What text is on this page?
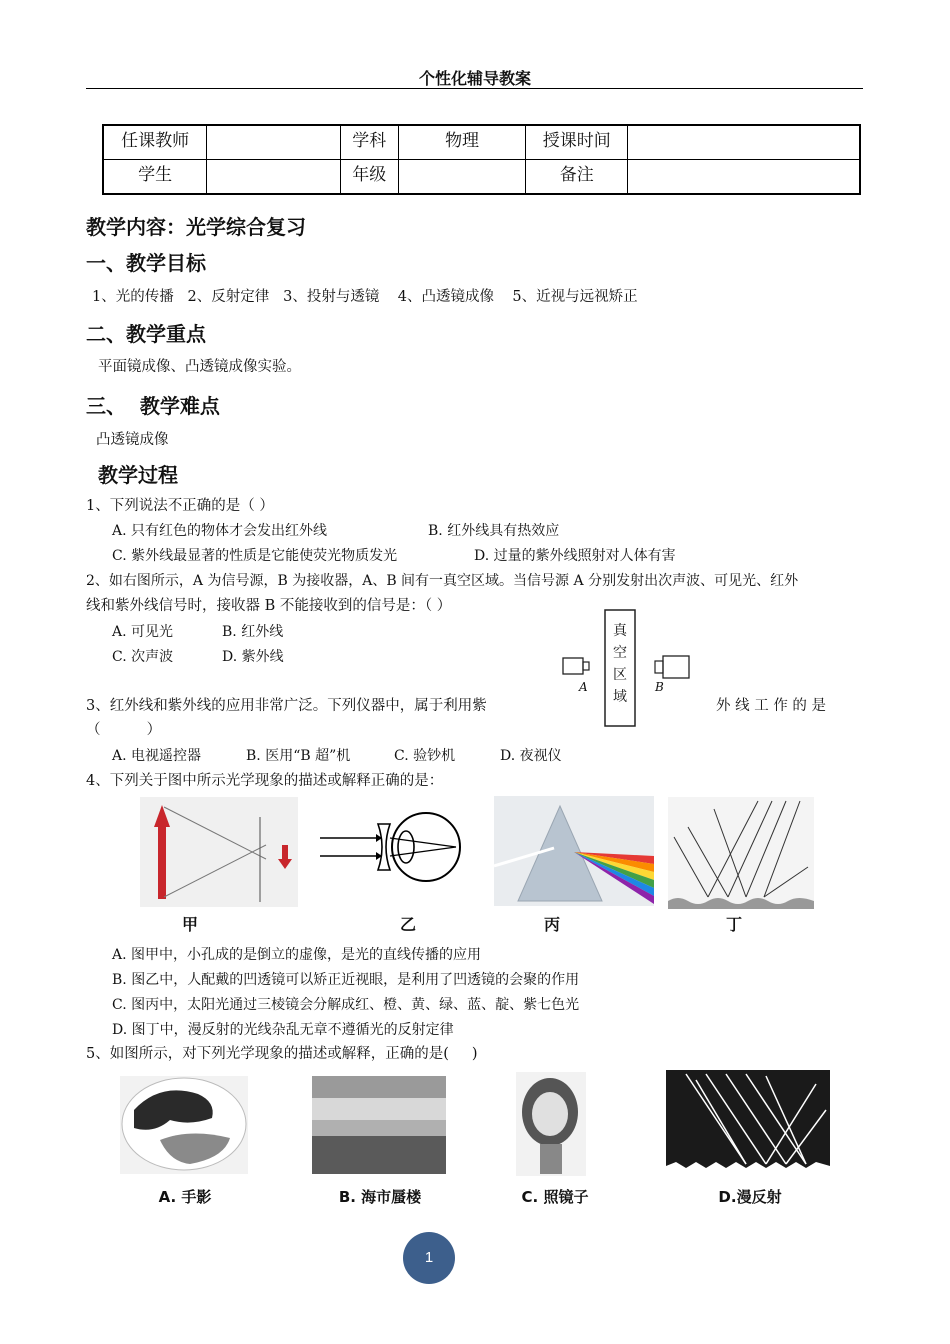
个性化辅导教案
任课教师		学科	物理	授课时间	
学生		年级		备注	
教学内容：光学综合复习
一、教学目标
1、光的传播   2、反射定律   3、投射与透镜    4、凸透镜成像    5、近视与远视矫正
二、教学重点
平面镜成像、凸透镜成像实验。
三、  教学难点
凸透镜成像
教学过程
1、下列说法不正确的是（ ）
A. 只有红色的物体才会发出红外线	B. 红外线具有热效应
C. 紫外线最显著的性质是它能使荧光物质发光	D. 过量的紫外线照射对人体有害
2、如右图所示，A 为信号源，B 为接收器，A、B 间有一真空区域。当信号源 A 分别发射出次声波、可见光、红外
线和紫外线信号时，接收器 B 不能接收到的信号是：（ ）
A. 可见光	B. 红外线
C. 次声波	D. 紫外线
真空区域
A	B
3、红外线和紫外线的应用非常广泛。下列仪器中，属于利用紫	外 线 工 作 的 是
（          ）
A. 电视遥控器	B. 医用“B 超”机	C. 验钞机	D. 夜视仪
4、下列关于图中所示光学现象的描述或解释正确的是：
甲	乙	丙	丁
A. 图甲中，小孔成的是倒立的虚像，是光的直线传播的应用
B. 图乙中，人配戴的凹透镜可以矫正近视眼，是利用了凹透镜的会聚的作用
C. 图丙中，太阳光通过三棱镜会分解成红、橙、黄、绿、蓝、靛、紫七色光
D. 图丁中，漫反射的光线杂乱无章不遵循光的反射定律
5、如图所示，对下列光学现象的描述或解释，正确的是(     )
A. 手影	B. 海市蜃楼	C. 照镜子	D.漫反射
1
